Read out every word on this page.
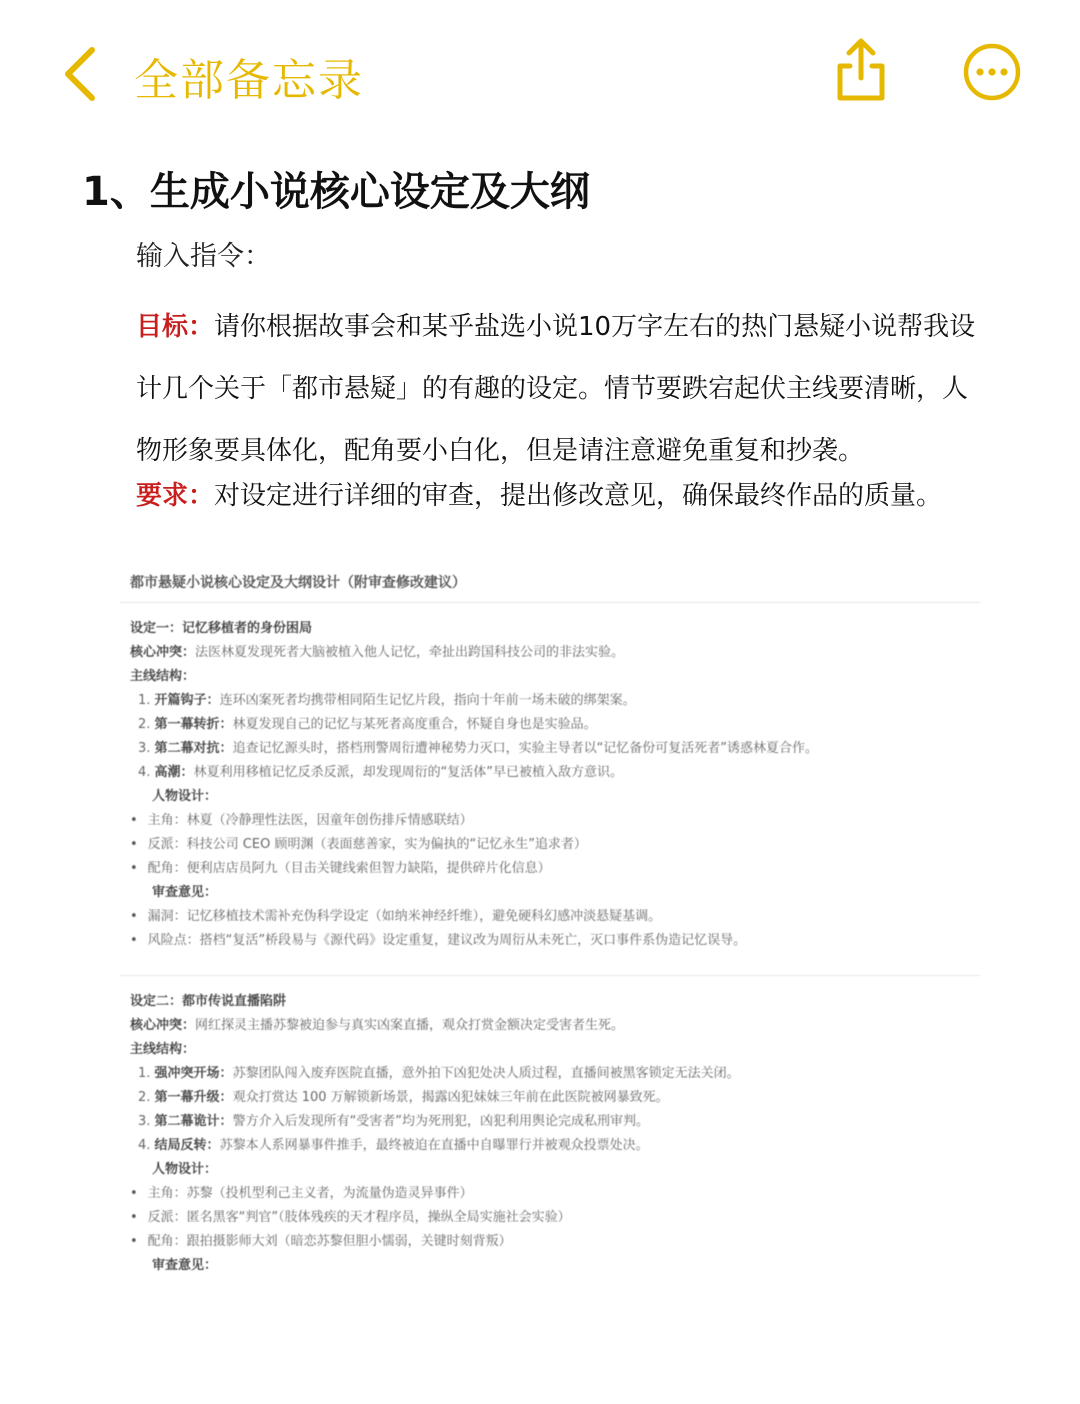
全部备忘录
1、生成小说核心设定及大纲
输入指令：
目标：请你根据故事会和某乎盐选小说10万字左右的热门悬疑小说帮我设计几个关于「都市悬疑」的有趣的设定。情节要跌宕起伏主线要清晰，人物形象要具体化，配角要小白化，但是请注意避免重复和抄袭。
要求：对设定进行详细的审查，提出修改意见，确保最终作品的质量。
都市悬疑小说核心设定及大纲设计（附审查修改建议）
设定一：记忆移植者的身份困局
核心冲突：法医林夏发现死者大脑被植入他人记忆，牵扯出跨国科技公司的非法实验。
主线结构：
1. 开篇钩子：连环凶案死者均携带相同陌生记忆片段，指向十年前一场未破的绑架案。
2. 第一幕转折：林夏发现自己的记忆与某死者高度重合，怀疑自身也是实验品。
3. 第二幕对抗：追查记忆源头时，搭档刑警周衍遭神秘势力灭口，实验主导者以“记忆备份可复活死者”诱惑林夏合作。
4. 高潮：林夏利用移植记忆反杀反派，却发现周衍的“复活体”早已被植入敌方意识。
人物设计：
• 主角：林夏（冷静理性法医，因童年创伤排斥情感联结）
• 反派：科技公司 CEO 顾明渊（表面慈善家，实为偏执的“记忆永生”追求者）
• 配角：便利店店员阿九（目击关键线索但智力缺陷，提供碎片化信息）
审查意见：
• 漏洞：记忆移植技术需补充伪科学设定（如纳米神经纤维），避免硬科幻感冲淡悬疑基调。
• 风险点：搭档“复活”桥段易与《源代码》设定重复，建议改为周衍从未死亡，灭口事件系伪造记忆误导。
设定二：都市传说直播陷阱
核心冲突：网红探灵主播苏黎被迫参与真实凶案直播，观众打赏金额决定受害者生死。
主线结构：
1. 强冲突开场：苏黎团队闯入废弃医院直播，意外拍下凶犯处决人质过程，直播间被黑客锁定无法关闭。
2. 第一幕升级：观众打赏达 100 万解锁新场景，揭露凶犯妹妹三年前在此医院被网暴致死。
3. 第二幕诡计：警方介入后发现所有“受害者”均为死刑犯，凶犯利用舆论完成私刑审判。
4. 结局反转：苏黎本人系网暴事件推手，最终被迫在直播中自曝罪行并被观众投票处决。
人物设计：
• 主角：苏黎（投机型利己主义者，为流量伪造灵异事件）
• 反派：匿名黑客“判官”（肢体残疾的天才程序员，操纵全局实施社会实验）
• 配角：跟拍摄影师大刘（暗恋苏黎但胆小懦弱，关键时刻背叛）
审查意见：
